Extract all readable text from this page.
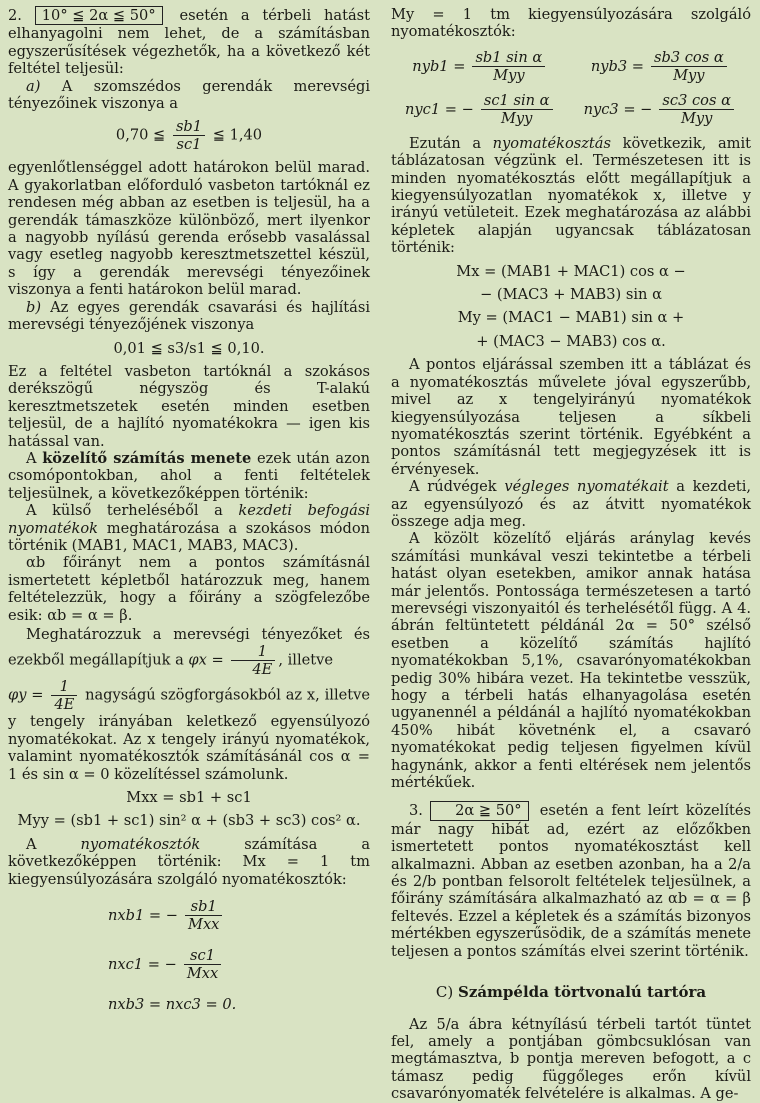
2. 10° ≦ 2α ≦ 50° esetén a térbeli hatást elhanyagolni nem lehet, de a számításban egyszerűsítések végezhetők, ha a következő két feltétel teljesül:

a) A szomszédos gerendák merevségi tényezőinek viszonya a

0,70 ≦ $\frac{sb1}{sc1}$ ≦ 1,40

egyenlőtlenséggel adott határokon belül marad. A gyakorlatban előforduló vasbeton tartóknál ez rendesen még abban az esetben is teljesül, ha a gerendák támaszköze különböző, mert ilyenkor a nagyobb nyílású gerenda erősebb vasalással vagy esetleg nagyobb keresztmetszettel készül, s így a gerendák merevségi tényezőinek viszonya a fenti határokon belül marad.

b) Az egyes gerendák csavarási és hajlítási merevségi tényezőjének viszonya

0,01 ≦ s3/s1 ≦ 0,10.

Ez a feltétel vasbeton tartóknál a szokásos derékszögű négyszög és T-alakú keresztmetszetek esetén minden esetben teljesül, de a hajlító nyomatékokra — igen kis hatással van.

A közelítő számítás menete ezek után azon csomópontokban, ahol a fenti feltételek teljesülnek, a következőképpen történik:

A külső terheléséből a kezdeti befogási nyomatékok meghatározása a szokásos módon történik (MAB1, MAC1, MAB3, MAC3).

αb főirányt nem a pontos számításnál ismertetett képletből határozzuk meg, hanem feltételezzük, hogy a főirány a szögfelezőbe esik: αb = α = β.

Meghatározzuk a merevségi tényezőket és ezekből megállapítjuk a $\varphi x = \frac{1}{4E}$ , illetve

$\varphi y = \frac{1}{4E}$ nagyságú szögforgásokból az x, illetve y tengely irányában keletkező egyensúlyozó nyomatékokat. Az x tengely irányú nyomatékok, valamint nyomatékosztók számításánál cos α = 1 és sin α = 0 közelítéssel számolunk.

Mxx = sb1 + sc1
Myy = (sb1 + sc1) sin² α + (sb3 + sc3) cos² α.

A	nyomatékosztók	számítása a következőképpen történik: Mx = 1 tm kiegyensúlyozására szolgáló nyomatékosztók:

nxb1 = − $\frac{sb1}{\text{Mxx}}$
nxc1 = − $\frac{sc1}{\text{Mxx}}$
nxb3 = nxc3 = 0.

My = 1 tm kiegyensúlyozására szolgáló nyomatékosztók:

$nyb1 = \frac{\text{sb1 sin α}}{\text{Myy}}$	$nyb3 = \frac{\text{sb3 cos α}}{\text{Myy}}$
nyc1 = − $\frac{\text{sc1 sin α}}{\text{Myy}} nyc3$ = − $\frac{\text{sc3 cos α}}{\text{Myy}}$

Ezután a nyomatékosztás következik, amit táblázatosan végzünk el. Természetesen itt is minden nyomatékosztás előtt megállapítjuk a kiegyensúlyozatlan nyomatékok x, illetve y irányú vetületeit. Ezek meghatározása az alábbi képletek alapján ugyancsak táblázatosan történik:

Mx = (MAB1 + MAC1) cos α −
− (MAC3 + MAB3) sin α
My = (MAC1 − MAB1) sin α +
+ (MAC3 − MAB3) cos α.

A pontos eljárással szemben itt a táblázat és a nyomatékosztás művelete jóval egyszerűbb, mivel az x tengelyirányú nyomatékok kiegyensúlyozása teljesen a síkbeli nyomatékosztás szerint történik. Egyébként a pontos számításnál tett megjegyzések itt is érvényesek.

A rúdvégek végleges nyomatékait a kezdeti, az egyensúlyozó és az átvitt nyomatékok összege adja meg.

A közölt közelítő eljárás aránylag kevés számítási munkával veszi tekintetbe a térbeli hatást olyan esetekben, amikor annak hatása már jelentős. Pontossága természetesen a tartó merevségi viszonyaitól és terhelésétől függ. A 4. ábrán feltüntetett példánál 2α = 50° szélső esetben a közelítő számítás hajlító nyomatékokban 5,1%, csavarónyomatékokban pedig 30% hibára vezet. Ha tekintetbe vesszük, hogy a térbeli hatás elhanyagolása esetén ugyanennél a példánál a hajlító nyomatékokban 450% hibát követnénk el, a csavaró nyomatékokat pedig teljesen figyelmen kívül hagynánk, akkor a fenti eltérések nem jelentős mértékűek.

3. 2α ≧ 50° esetén a fent leírt közelítés már nagy hibát ad, ezért az előzőkben ismertetett pontos nyomatékosztást kell alkalmazni. Abban az esetben azonban, ha a 2/a és 2/b pontban felsorolt feltételek teljesülnek, a főirány számítására alkalmazható az αb = α = β feltevés. Ezzel a képletek és a számítás bizonyos mértékben egyszerűsödik, de a számítás menete teljesen a pontos számítás elvei szerint történik.

C) Számpélda törtvonalú tartóra

Az 5/a ábra kétnyílású térbeli tartót tüntet fel, amely a pontjában gömbcsuklósan van megtámasztva, b pontja mereven befogott, a c támasz pedig függőleges erőn kívül csavarónyomaték felvételére is alkalmas. A ge-
